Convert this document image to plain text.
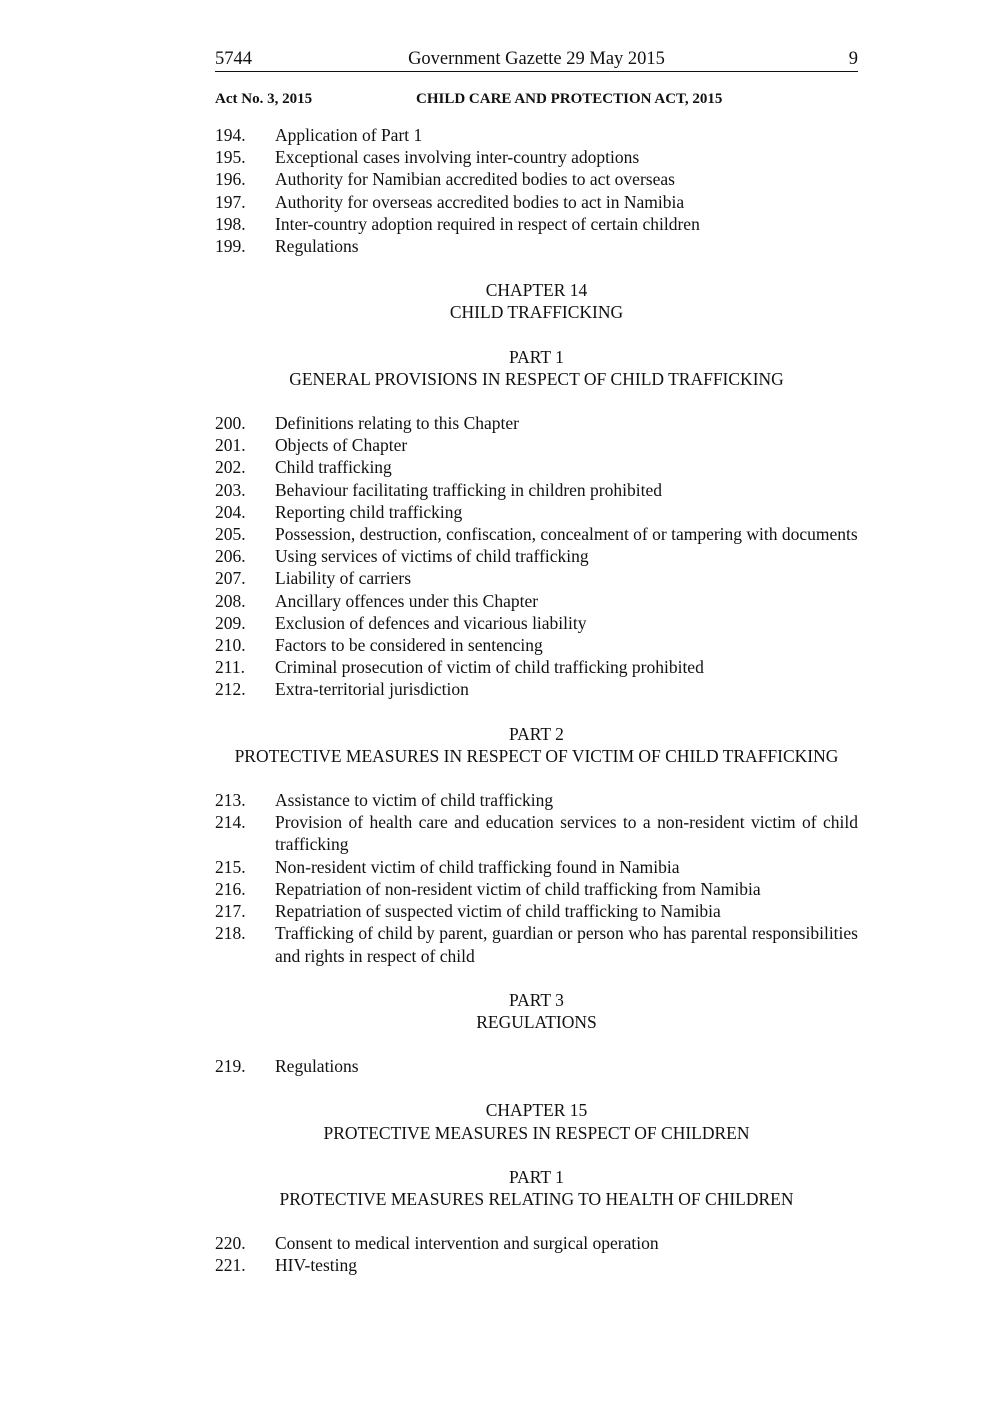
5744	Government Gazette 29 May 2015	9
Act No. 3, 2015	CHILD CARE AND PROTECTION ACT, 2015
194.	Application of Part 1
195.	Exceptional cases involving inter-country adoptions
196.	Authority for Namibian accredited bodies to act overseas
197.	Authority for overseas accredited bodies to act in Namibia
198.	Inter-country adoption required in respect of certain children
199.	Regulations
CHAPTER 14
CHILD TRAFFICKING
PART 1
GENERAL PROVISIONS IN RESPECT OF CHILD TRAFFICKING
200.	Definitions relating to this Chapter
201.	Objects of Chapter
202.	Child trafficking
203.	Behaviour facilitating trafficking in children prohibited
204.	Reporting child trafficking
205.	Possession, destruction, confiscation, concealment of or tampering with documents
206.	Using services of victims of child trafficking
207.	Liability of carriers
208.	Ancillary offences under this Chapter
209.	Exclusion of defences and vicarious liability
210.	Factors to be considered in sentencing
211.	Criminal prosecution of victim of child trafficking prohibited
212.	Extra-territorial jurisdiction
PART 2
PROTECTIVE MEASURES IN RESPECT OF VICTIM OF CHILD TRAFFICKING
213.	Assistance to victim of child trafficking
214.	Provision of health care and education services to a non-resident victim of child trafficking
215.	Non-resident victim of child trafficking found in Namibia
216.	Repatriation of non-resident victim of child trafficking from Namibia
217.	Repatriation of suspected victim of child trafficking to Namibia
218.	Trafficking of child by parent, guardian or person who has parental responsibilities and rights in respect of child
PART 3
REGULATIONS
219.	Regulations
CHAPTER 15
PROTECTIVE MEASURES IN RESPECT OF CHILDREN
PART 1
PROTECTIVE MEASURES RELATING TO HEALTH OF CHILDREN
220.	Consent to medical intervention and surgical operation
221.	HIV-testing
